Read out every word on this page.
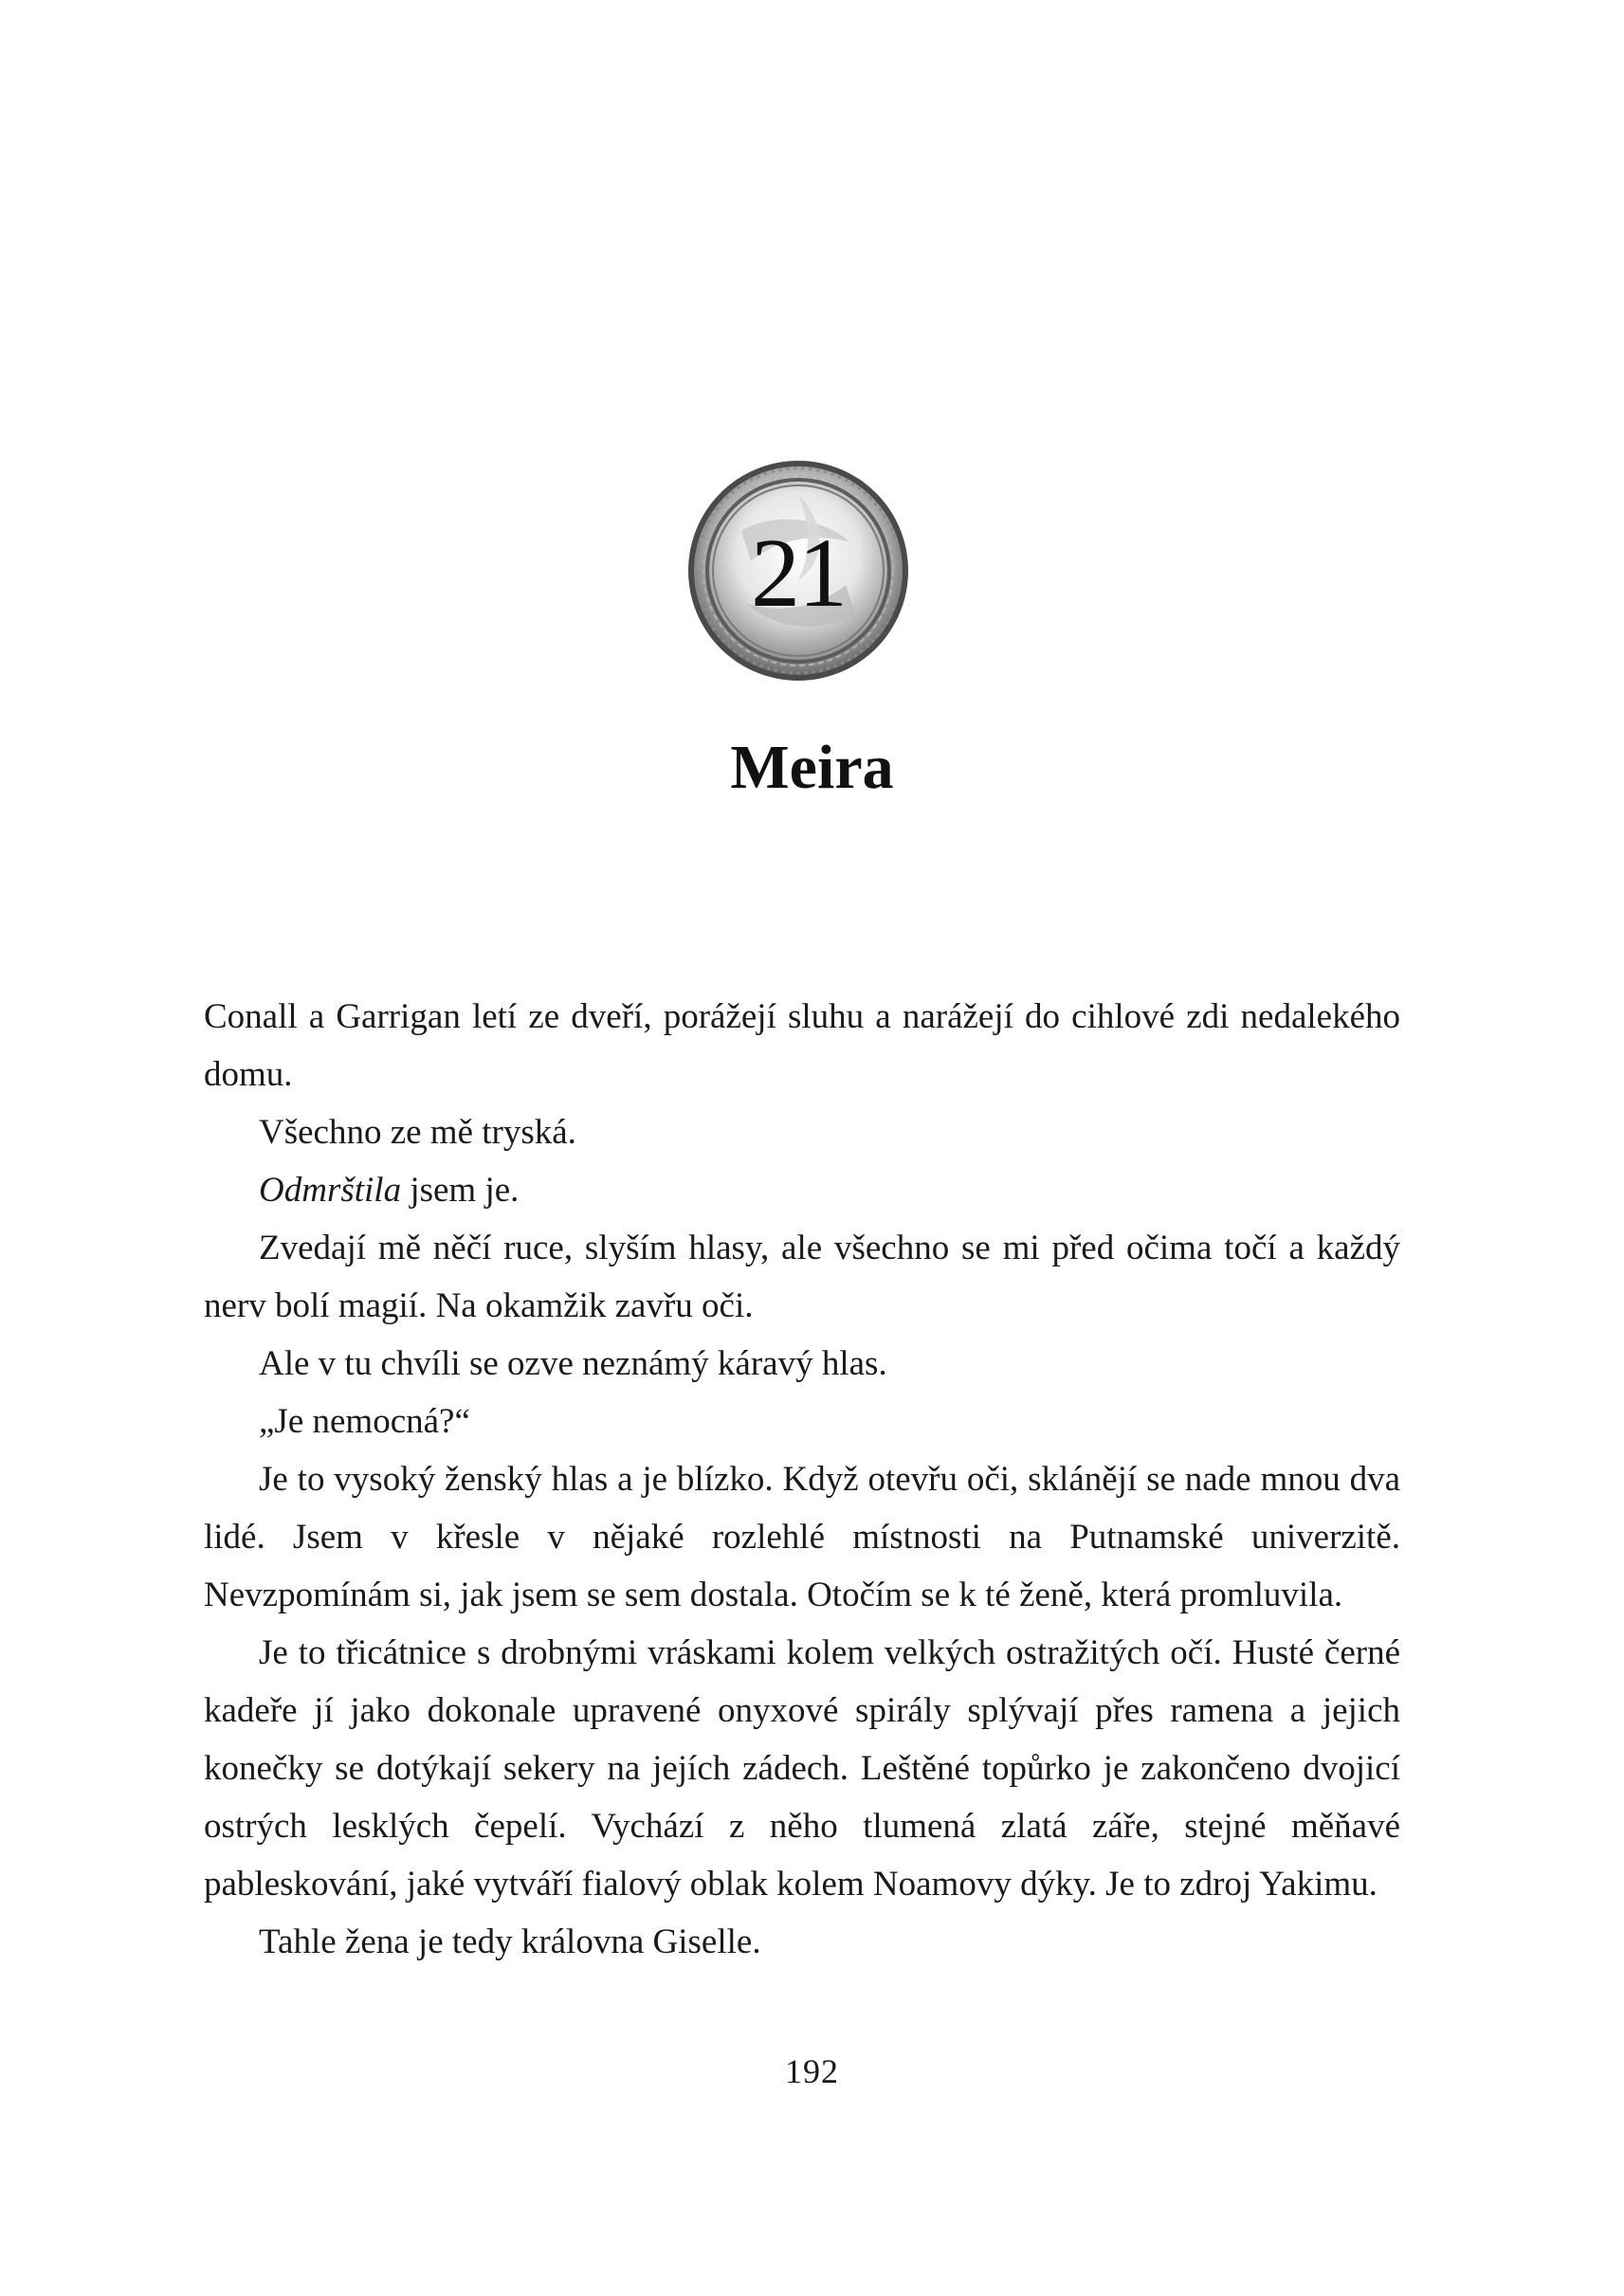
21
Meira

Conall a Garrigan letí ze dveří, porážejí sluhu a narážejí do cihlové zdi nedalekého domu.

Všechno ze mě tryská.

Odmrštila jsem je.

Zvedají mě něčí ruce, slyším hlasy, ale všechno se mi před očima točí a každý nerv bolí magií. Na okamžik zavřu oči.

Ale v tu chvíli se ozve neznámý káravý hlas.

„Je nemocná?“

Je to vysoký ženský hlas a je blízko. Když otevřu oči, sklánějí se nade mnou dva lidé. Jsem v křesle v nějaké rozlehlé místnosti na Putnamské univerzitě. Nevzpomínám si, jak jsem se sem dostala. Otočím se k té ženě, která promluvila.

Je to třicátnice s drobnými vráskami kolem velkých ostražitých očí. Husté černé kadeře jí jako dokonale upravené onyxové spirály splývají přes ramena a jejich konečky se dotýkají sekery na jejích zádech. Leštěné topůrko je zakončeno dvojicí ostrých lesklých čepelí. Vychází z něho tlumená zlatá záře, stejné měňavé pableskování, jaké vytváří fialový oblak kolem Noamovy dýky. Je to zdroj Yakimu.

Tahle žena je tedy královna Giselle.

192
